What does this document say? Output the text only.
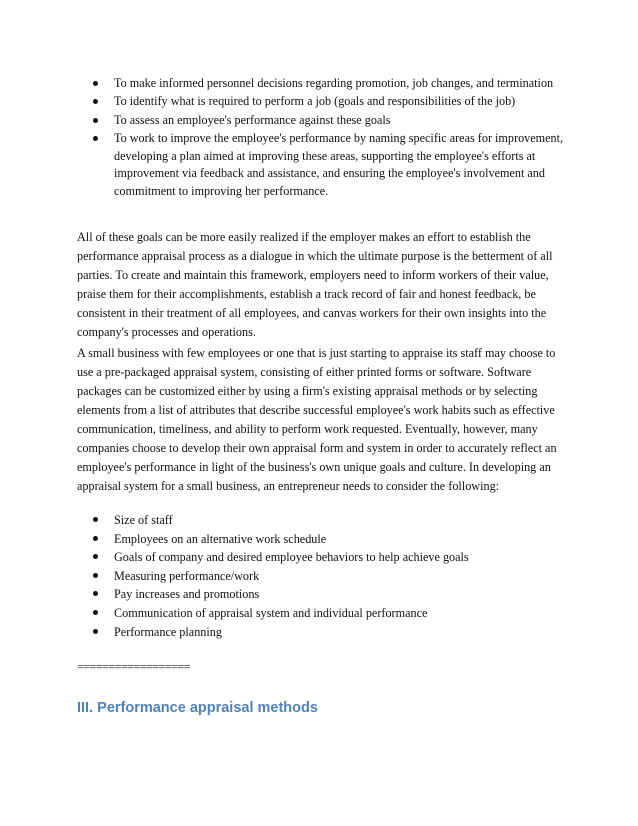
To make informed personnel decisions regarding promotion, job changes, and termination
To identify what is required to perform a job (goals and responsibilities of the job)
To assess an employee's performance against these goals
To work to improve the employee's performance by naming specific areas for improvement, developing a plan aimed at improving these areas, supporting the employee's efforts at improvement via feedback and assistance, and ensuring the employee's involvement and commitment to improving her performance.

All of these goals can be more easily realized if the employer makes an effort to establish the performance appraisal process as a dialogue in which the ultimate purpose is the betterment of all parties. To create and maintain this framework, employers need to inform workers of their value, praise them for their accomplishments, establish a track record of fair and honest feedback, be consistent in their treatment of all employees, and canvas workers for their own insights into the company's processes and operations.

A small business with few employees or one that is just starting to appraise its staff may choose to use a pre-packaged appraisal system, consisting of either printed forms or software. Software packages can be customized either by using a firm's existing appraisal methods or by selecting elements from a list of attributes that describe successful employee's work habits such as effective communication, timeliness, and ability to perform work requested. Eventually, however, many companies choose to develop their own appraisal form and system in order to accurately reflect an employee's performance in light of the business's own unique goals and culture. In developing an appraisal system for a small business, an entrepreneur needs to consider the following:

Size of staff
Employees on an alternative work schedule
Goals of company and desired employee behaviors to help achieve goals
Measuring performance/work
Pay increases and promotions
Communication of appraisal system and individual performance
Performance planning
==================
III. Performance appraisal methods
